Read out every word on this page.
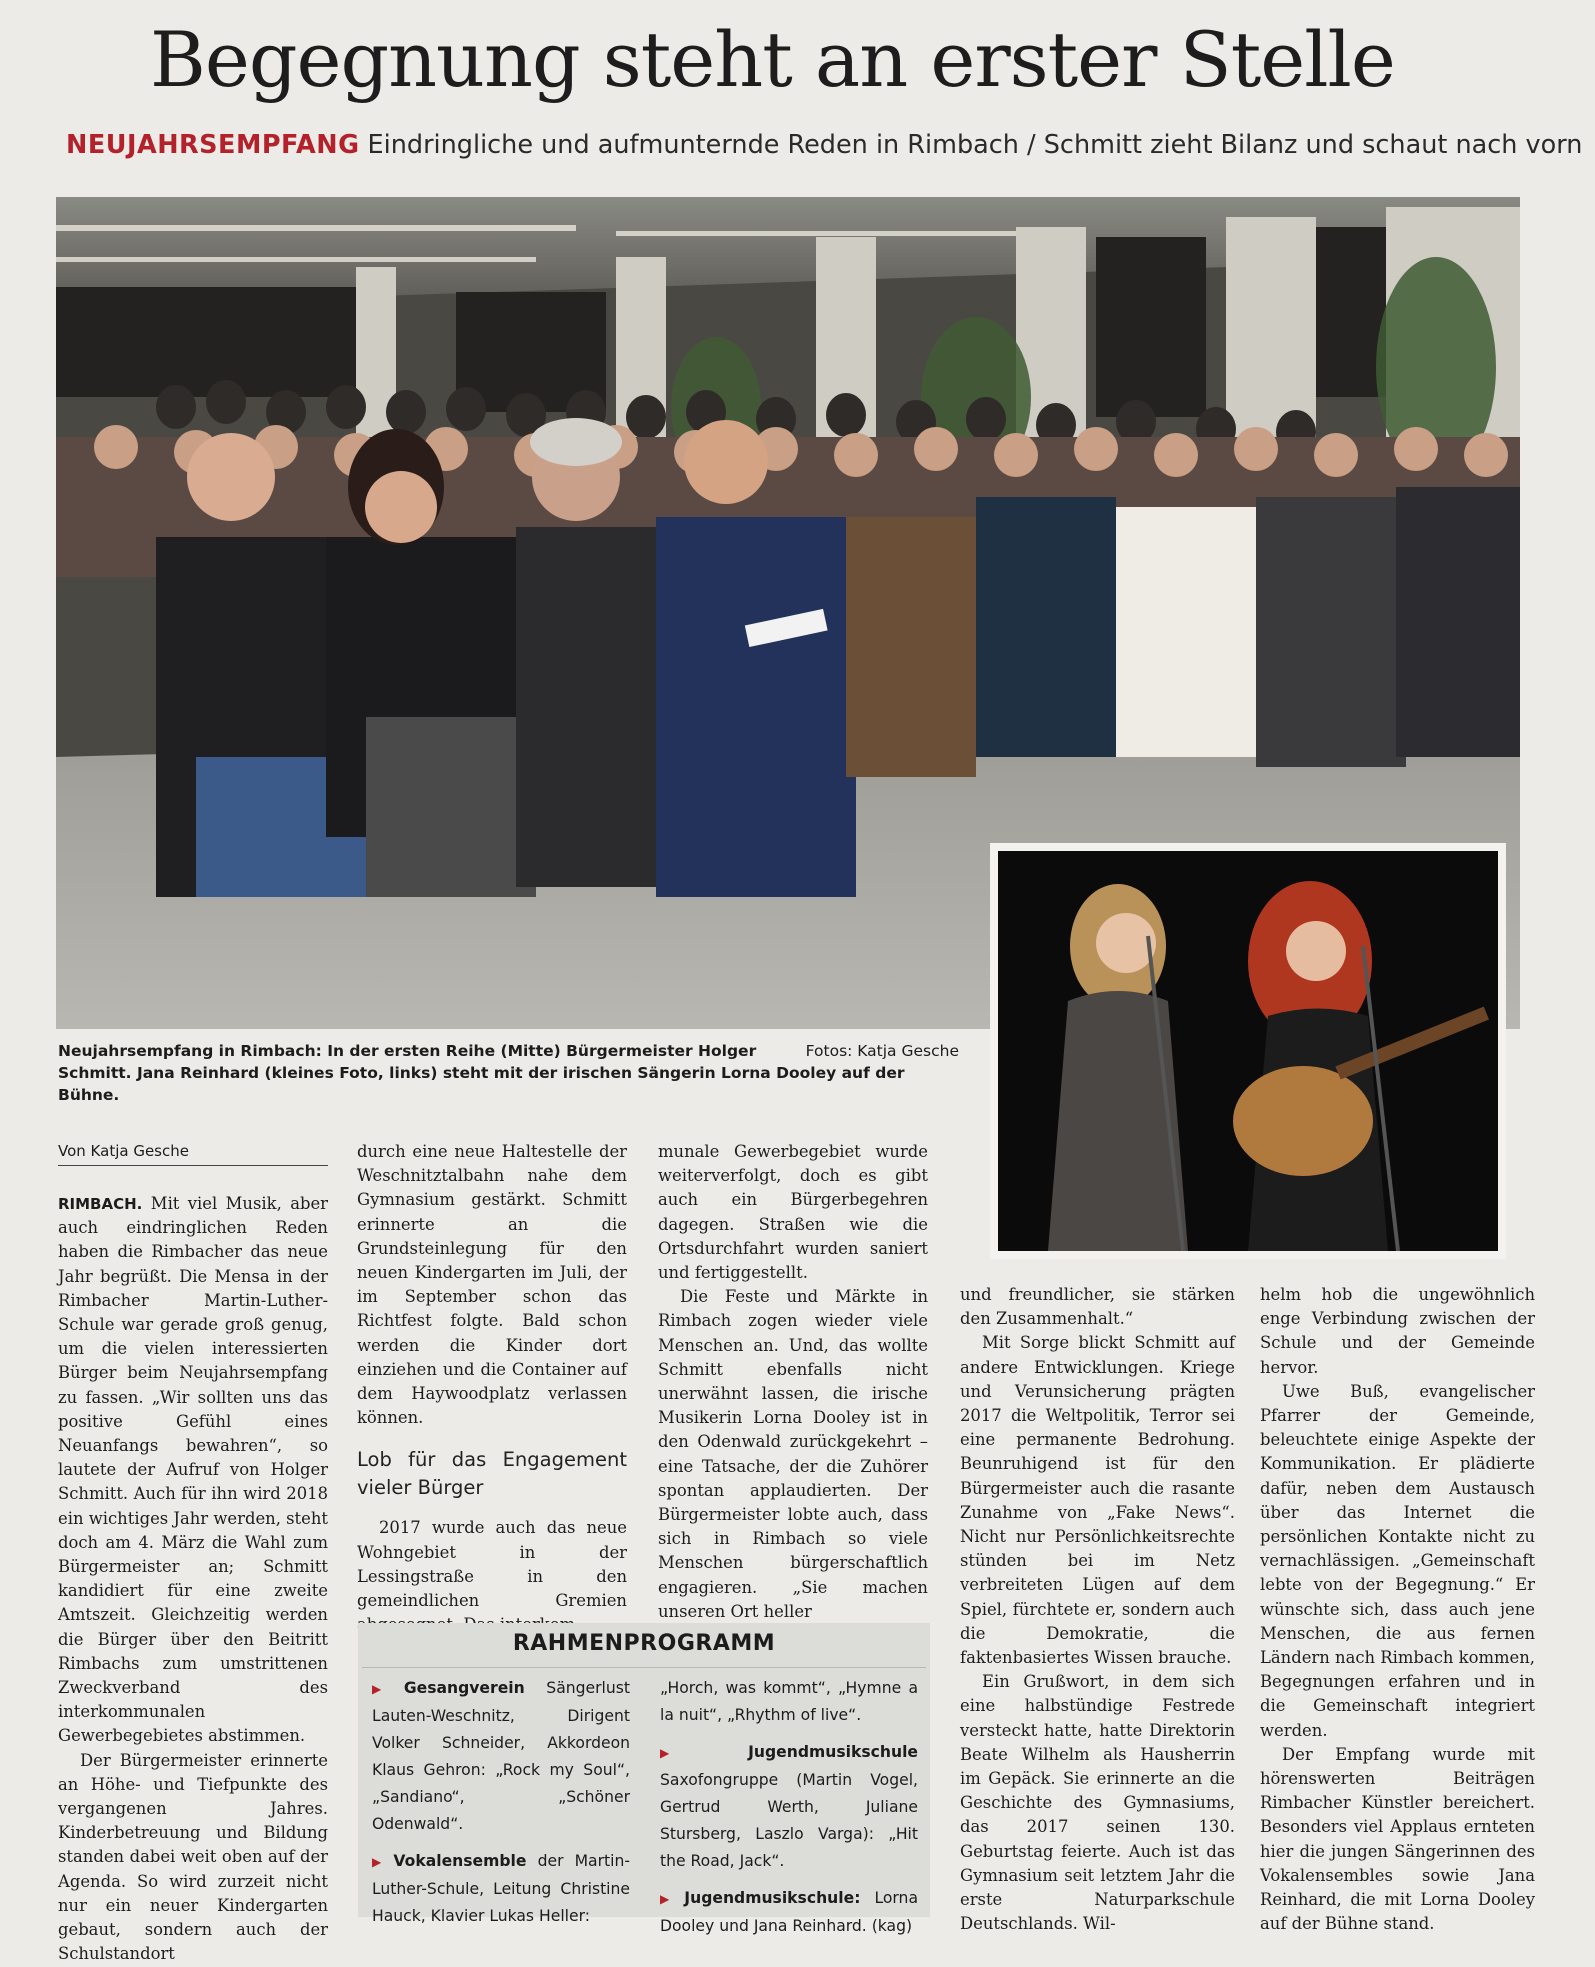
Begegnung steht an erster Stelle
NEUJAHRSEMPFANG Eindringliche und aufmunternde Reden in Rimbach / Schmitt zieht Bilanz und schaut nach vorn
Fotos: Katja Gesche
Neujahrsempfang in Rimbach: In der ersten Reihe (Mitte) Bürgermeister Holger Schmitt. Jana Reinhard (kleines Foto, links) steht mit der irischen Sängerin Lorna Dooley auf der Bühne.
Von Katja Gesche

RIMBACH. Mit viel Musik, aber auch eindringlichen Reden haben die Rimbacher das neue Jahr begrüßt. Die Mensa in der Rimbacher Martin-Luther-Schule war gerade groß genug, um die vielen interessierten Bürger beim Neujahrsempfang zu fassen. „Wir sollten uns das positive Gefühl eines Neuanfangs bewahren“, so lautete der Aufruf von Holger Schmitt. Auch für ihn wird 2018 ein wichtiges Jahr werden, steht doch am 4. März die Wahl zum Bürgermeister an; Schmitt kandidiert für eine zweite Amtszeit. Gleichzeitig werden die Bürger über den Beitritt Rimbachs zum umstrittenen Zweckverband des interkommunalen Gewerbegebietes abstimmen.

Der Bürgermeister erinnerte an Höhe- und Tiefpunkte des vergangenen Jahres. Kinderbetreuung und Bildung standen dabei weit oben auf der Agenda. So wird zurzeit nicht nur ein neuer Kindergarten gebaut, sondern auch der Schulstandort

durch eine neue Haltestelle der Weschnitztalbahn nahe dem Gymnasium gestärkt. Schmitt erinnerte an die Grundsteinlegung für den neuen Kindergarten im Juli, der im September schon das Richtfest folgte. Bald schon werden die Kinder dort einziehen und die Container auf dem Haywoodplatz verlassen können.

Lob für das Engagement vieler Bürger

2017 wurde auch das neue Wohngebiet in der Lessingstraße in den gemeindlichen Gremien

munale Gewerbegebiet wurde weiterverfolgt, doch es gibt auch ein Bürgerbegehren dagegen. Straßen wie die Ortsdurchfahrt wurden saniert und fertiggestellt.

Die Feste und Märkte in Rimbach zogen wieder viele Menschen an. Und, das wollte Schmitt ebenfalls nicht unerwähnt lassen, die irische Musikerin Lorna Dooley ist in den Odenwald zurückgekehrt – eine Tatsache, der die Zuhörer spontan applaudierten. Der Bürgermeister lobte auch, dass sich in Rimbach so viele Menschen bürgerschaftlich engagieren. „Sie machen unseren Ort heller

und freundlicher, sie stärken den Zusammenhalt.“

Mit Sorge blickt Schmitt auf andere Entwicklungen. Kriege und Verunsicherung prägten 2017 die Weltpolitik, Terror sei eine permanente Bedrohung. Beunruhigend ist für den Bürgermeister auch die rasante Zunahme von „Fake News“. Nicht nur Persönlichkeitsrechte stünden bei im Netz verbreiteten Lügen auf dem Spiel, fürchtete er, sondern auch die Demokratie, die faktenbasiertes Wissen brauche.

Ein Grußwort, in dem sich eine halbstündige Festrede versteckt hatte, hatte Direktorin Beate Wilhelm als Hausherrin im Gepäck. Sie erinnerte an die Geschichte des Gymnasiums, das 2017 seinen 130. Geburtstag feierte. Auch ist das Gymnasium seit letztem Jahr die erste Naturparkschule Deutschlands. Wil-

helm hob die ungewöhnlich enge Verbindung zwischen der Schule und der Gemeinde hervor.

Uwe Buß, evangelischer Pfarrer der Gemeinde, beleuchtete einige Aspekte der Kommunikation. Er plädierte dafür, neben dem Austausch über das Internet die persönlichen Kontakte nicht zu vernachlässigen. „Gemeinschaft lebte von der Begegnung.“ Er wünschte sich, dass auch jene Menschen, die aus fernen Ländern nach Rimbach kommen, Begegnungen erfahren und in die Gemeinschaft integriert werden.

Der Empfang wurde mit hörenswerten Beiträgen Rimbacher Künstler bereichert. Besonders viel Applaus ernteten hier die jungen Sängerinnen des Vokalensembles sowie Jana Reinhard, die mit Lorna Dooley auf der Bühne stand.

RAHMENPROGRAMM
▶ Gesangverein Sängerlust Lauten-Weschnitz, Dirigent Volker Schneider, Akkordeon Klaus Gehron: „Rock my Soul“, „Sandiano“, „Schöner Odenwald“.
▶ Vokalensemble der Martin-Luther-Schule, Leitung Christine Hauck, Klavier Lukas Heller:
„Horch, was kommt“, „Hymne a la nuit“, „Rhythm of live“.
▶ Jugendmusikschule Saxofongruppe (Martin Vogel, Gertrud Werth, Juliane Stursberg, Laszlo Varga): „Hit the Road, Jack“.
▶ Jugendmusikschule: Lorna Dooley und Jana Reinhard. (kag)
